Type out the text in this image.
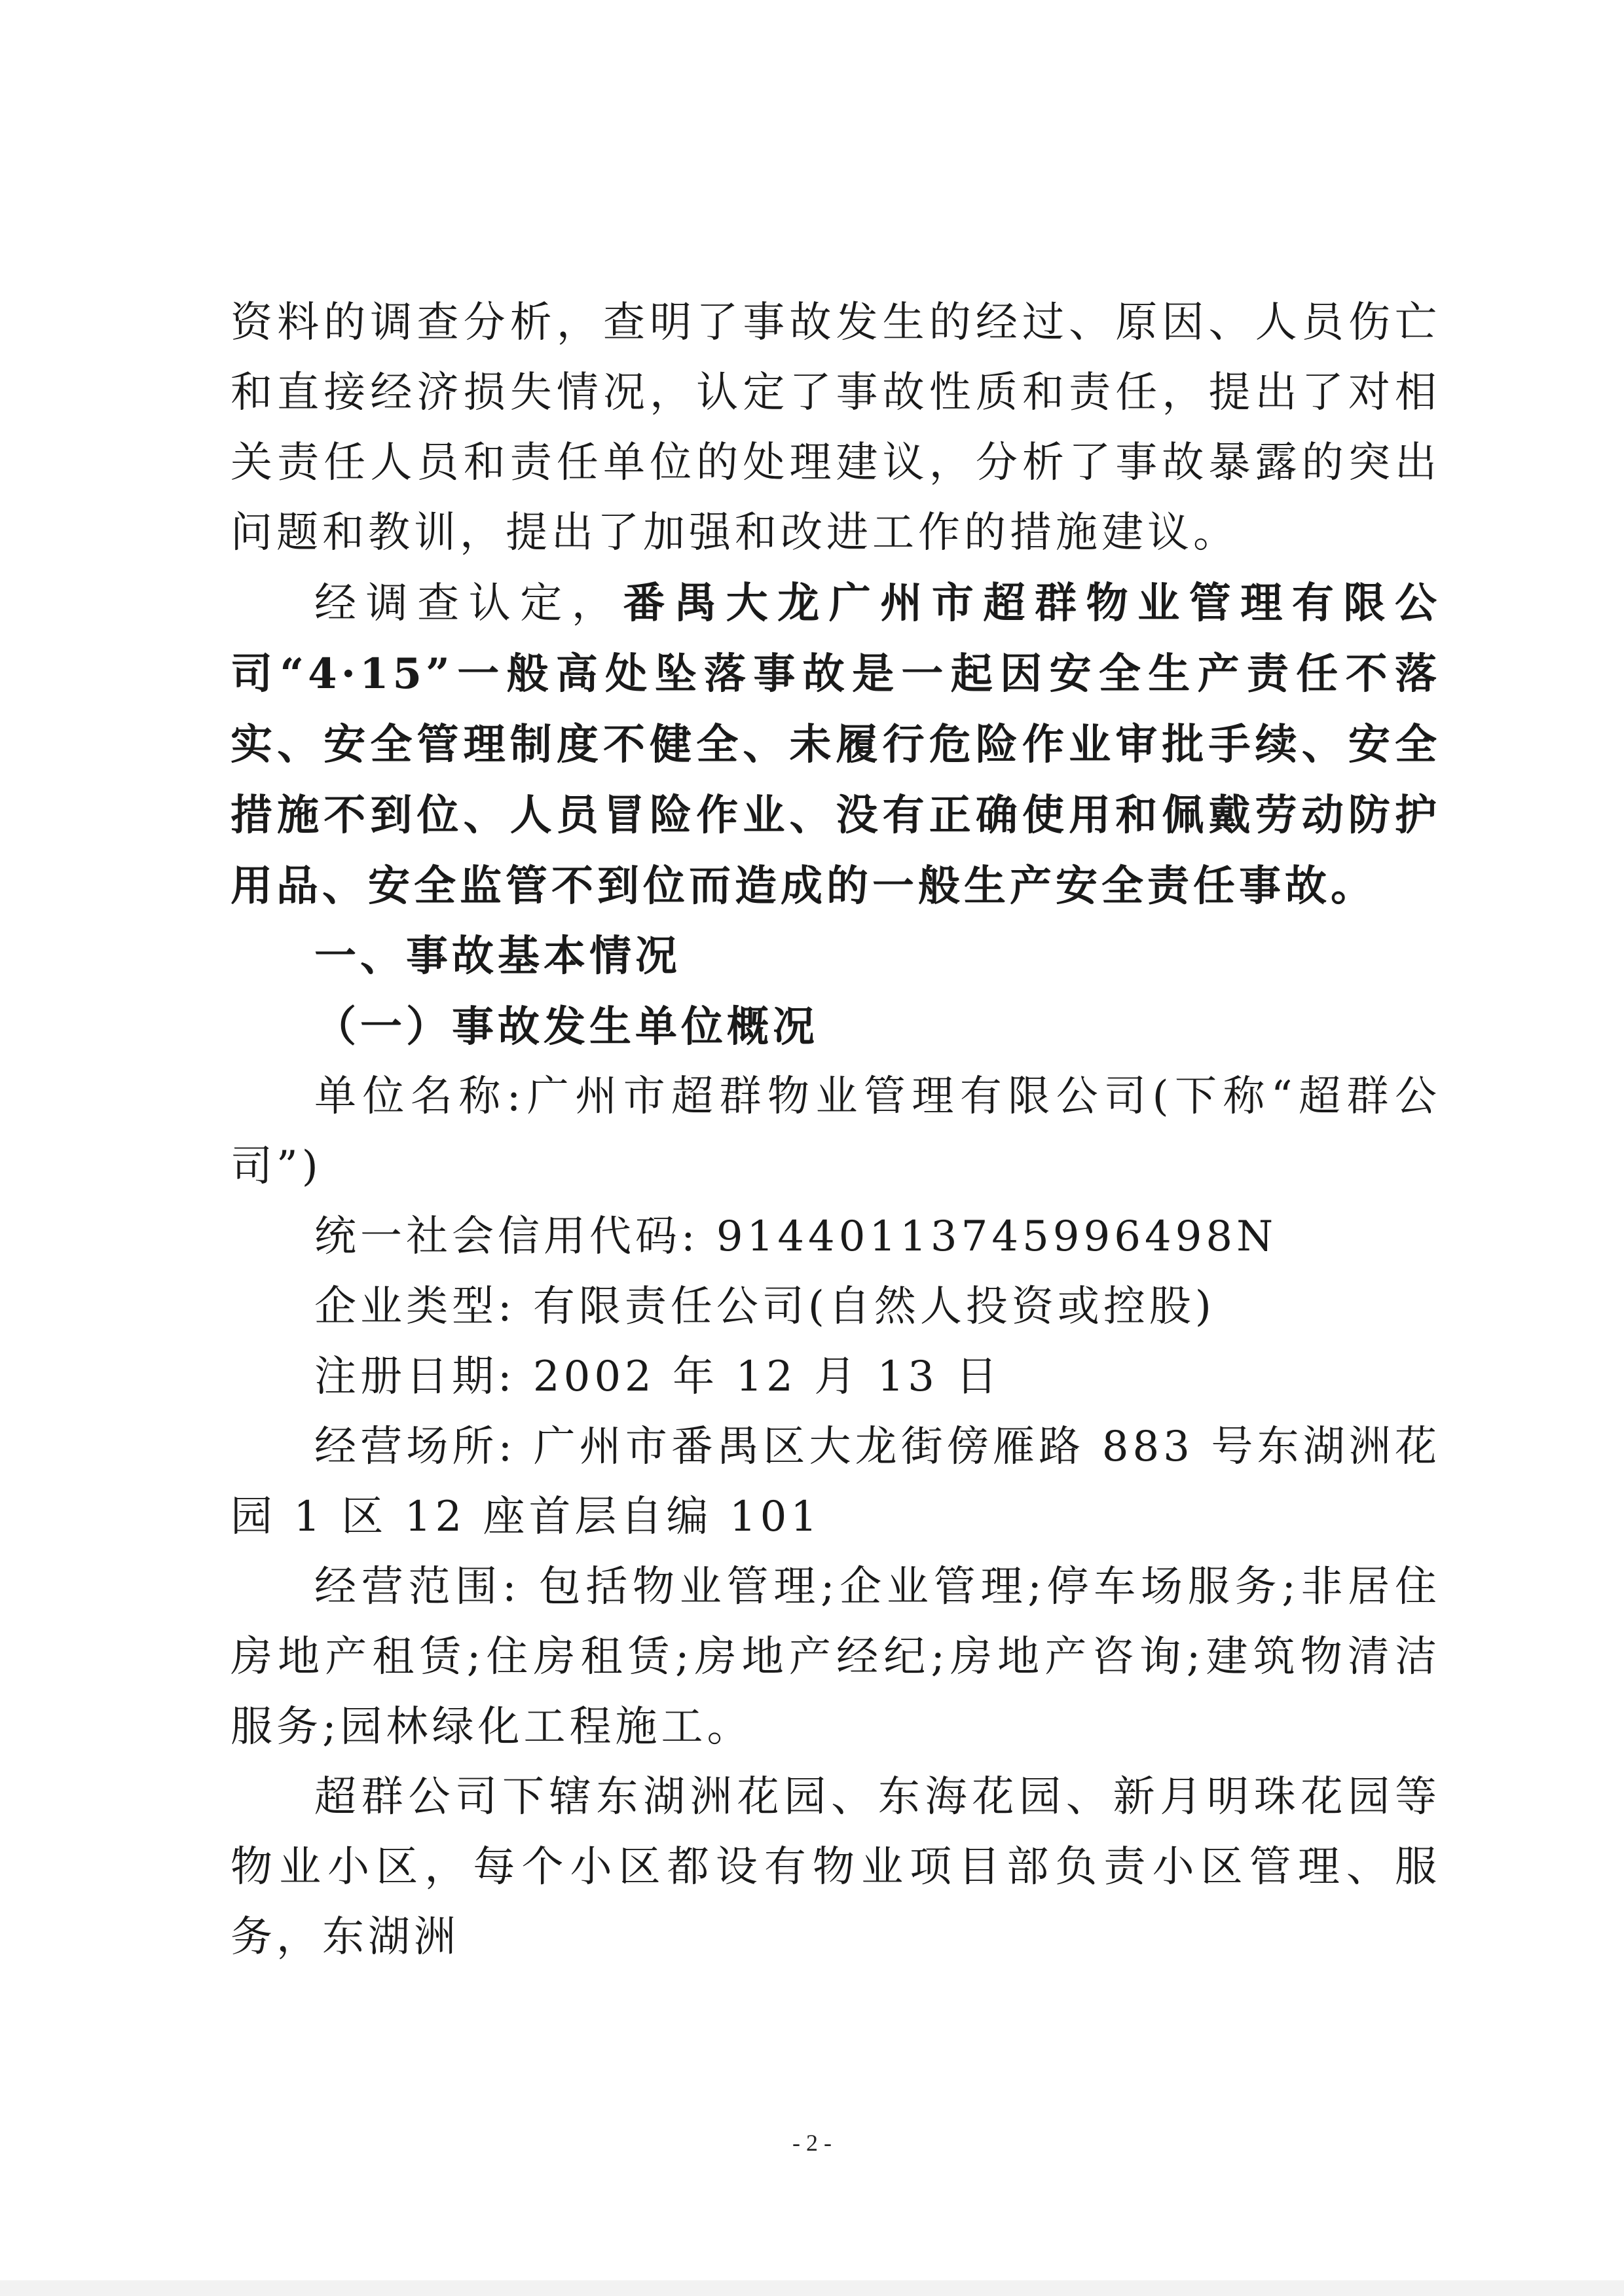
资料的调查分析，查明了事故发生的经过、原因、人员伤亡和直接经济损失情况，认定了事故性质和责任，提出了对相关责任人员和责任单位的处理建议，分析了事故暴露的突出问题和教训，提出了加强和改进工作的措施建议。

经调查认定，番禺大龙广州市超群物业管理有限公司“4·15”一般高处坠落事故是一起因安全生产责任不落实、安全管理制度不健全、未履行危险作业审批手续、安全措施不到位、人员冒险作业、没有正确使用和佩戴劳动防护用品、安全监管不到位而造成的一般生产安全责任事故。

一、事故基本情况

（一）事故发生单位概况

单位名称:广州市超群物业管理有限公司(下称“超群公司”)

统一社会信用代码: 91440113745996498N

企业类型: 有限责任公司(自然人投资或控股)

注册日期: 2002 年 12 月 13 日

经营场所: 广州市番禺区大龙街傍雁路 883 号东湖洲花园 1 区 12 座首层自编 101

经营范围: 包括物业管理;企业管理;停车场服务;非居住房地产租赁;住房租赁;房地产经纪;房地产咨询;建筑物清洁服务;园林绿化工程施工。

超群公司下辖东湖洲花园、东海花园、新月明珠花园等物业小区，每个小区都设有物业项目部负责小区管理、服务，东湖洲

- 2 -
